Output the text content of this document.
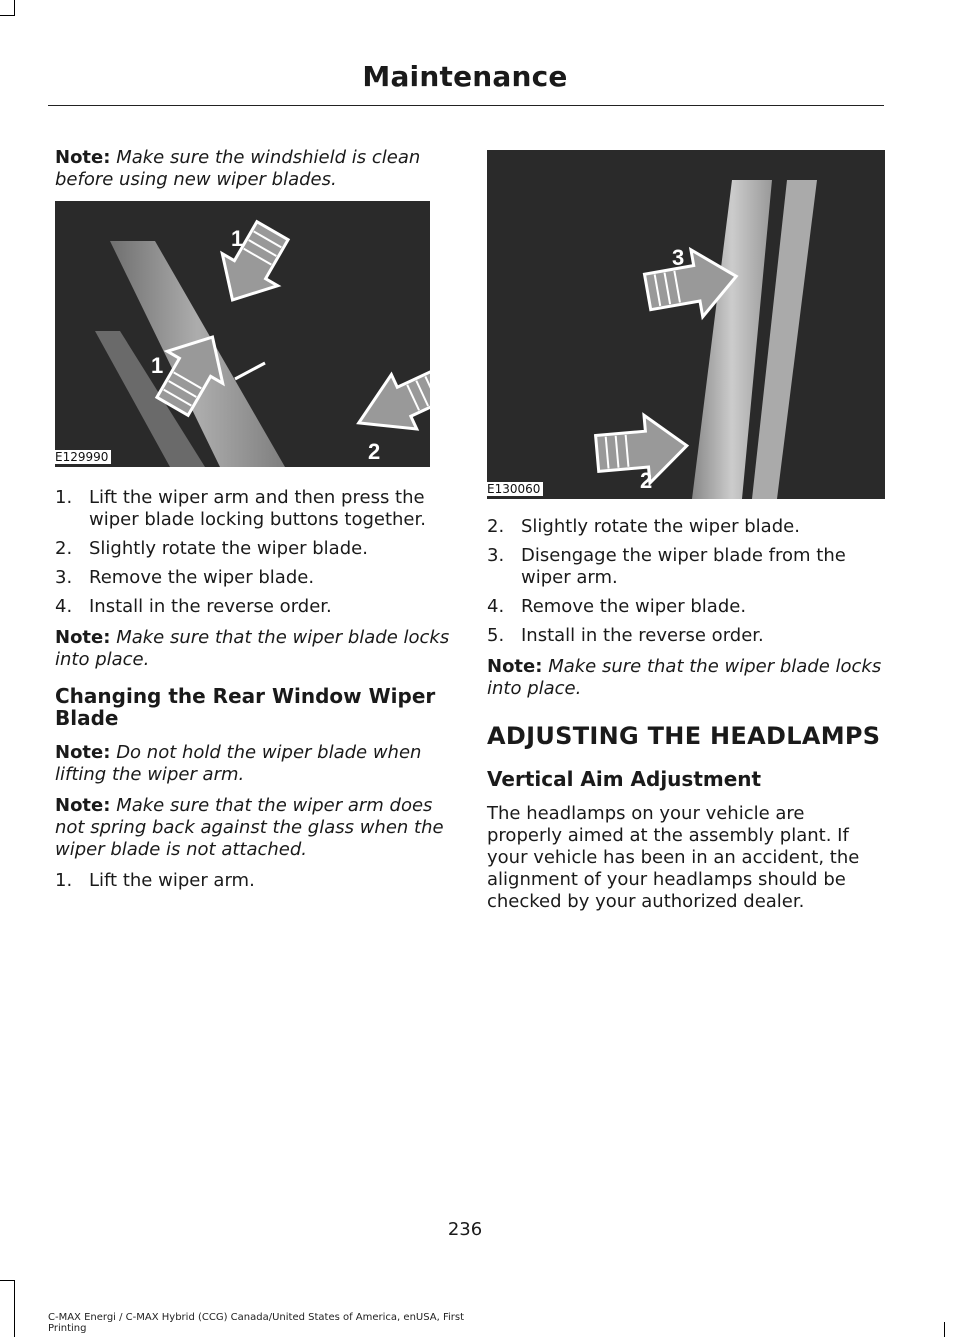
Maintenance

Note: Make sure the windshield is clean before using new wiper blades.

1
1
2
E129990
1. Lift the wiper arm and then press the wiper blade locking buttons together.
2. Slightly rotate the wiper blade.
3. Remove the wiper blade.
4. Install in the reverse order.

Note: Make sure that the wiper blade locks into place.

Changing the Rear Window Wiper Blade

Note: Do not hold the wiper blade when lifting the wiper arm.

Note: Make sure that the wiper arm does not spring back against the glass when the wiper blade is not attached.

1. Lift the wiper arm.
3
2
E130060
2. Slightly rotate the wiper blade.
3. Disengage the wiper blade from the wiper arm.
4. Remove the wiper blade.
5. Install in the reverse order.

Note: Make sure that the wiper blade locks into place.

ADJUSTING THE HEADLAMPS
Vertical Aim Adjustment

The headlamps on your vehicle are properly aimed at the assembly plant. If your vehicle has been in an accident, the alignment of your headlamps should be checked by your authorized dealer.

236
C-MAX Energi / C-MAX Hybrid (CCG) Canada/United States of America, enUSA, First Printing
